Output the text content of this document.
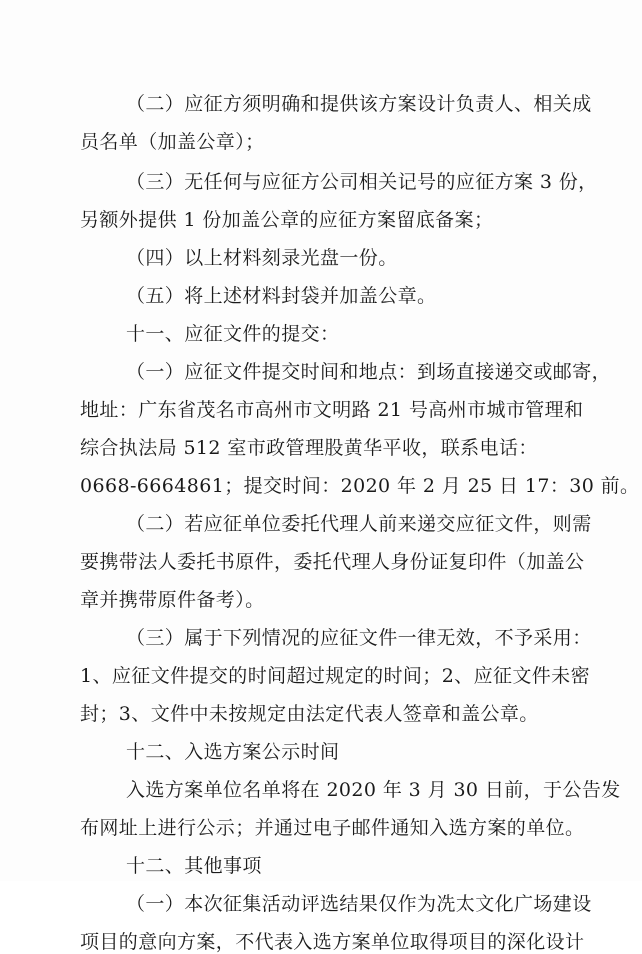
（二）应征方须明确和提供该方案设计负责人、相关成
员名单（加盖公章）；
（三）无任何与应征方公司相关记号的应征方案 3 份，
另额外提供 1 份加盖公章的应征方案留底备案；
（四）以上材料刻录光盘一份。
（五）将上述材料封袋并加盖公章。
十一、应征文件的提交：
（一）应征文件提交时间和地点：到场直接递交或邮寄，
地址：广东省茂名市高州市文明路 21 号高州市城市管理和
综合执法局 512 室市政管理股黄华平收，联系电话：
0668-6664861；提交时间：2020 年 2 月 25 日 17：30 前。
（二）若应征单位委托代理人前来递交应征文件，则需
要携带法人委托书原件，委托代理人身份证复印件（加盖公
章并携带原件备考）。
（三）属于下列情况的应征文件一律无效，不予采用：
1、应征文件提交的时间超过规定的时间；2、应征文件未密
封；3、文件中未按规定由法定代表人签章和盖公章。
十二、入选方案公示时间
入选方案单位名单将在 2020 年 3 月 30 日前，于公告发
布网址上进行公示；并通过电子邮件通知入选方案的单位。
十二、其他事项
（一）本次征集活动评选结果仅作为冼太文化广场建设
项目的意向方案，不代表入选方案单位取得项目的深化设计
